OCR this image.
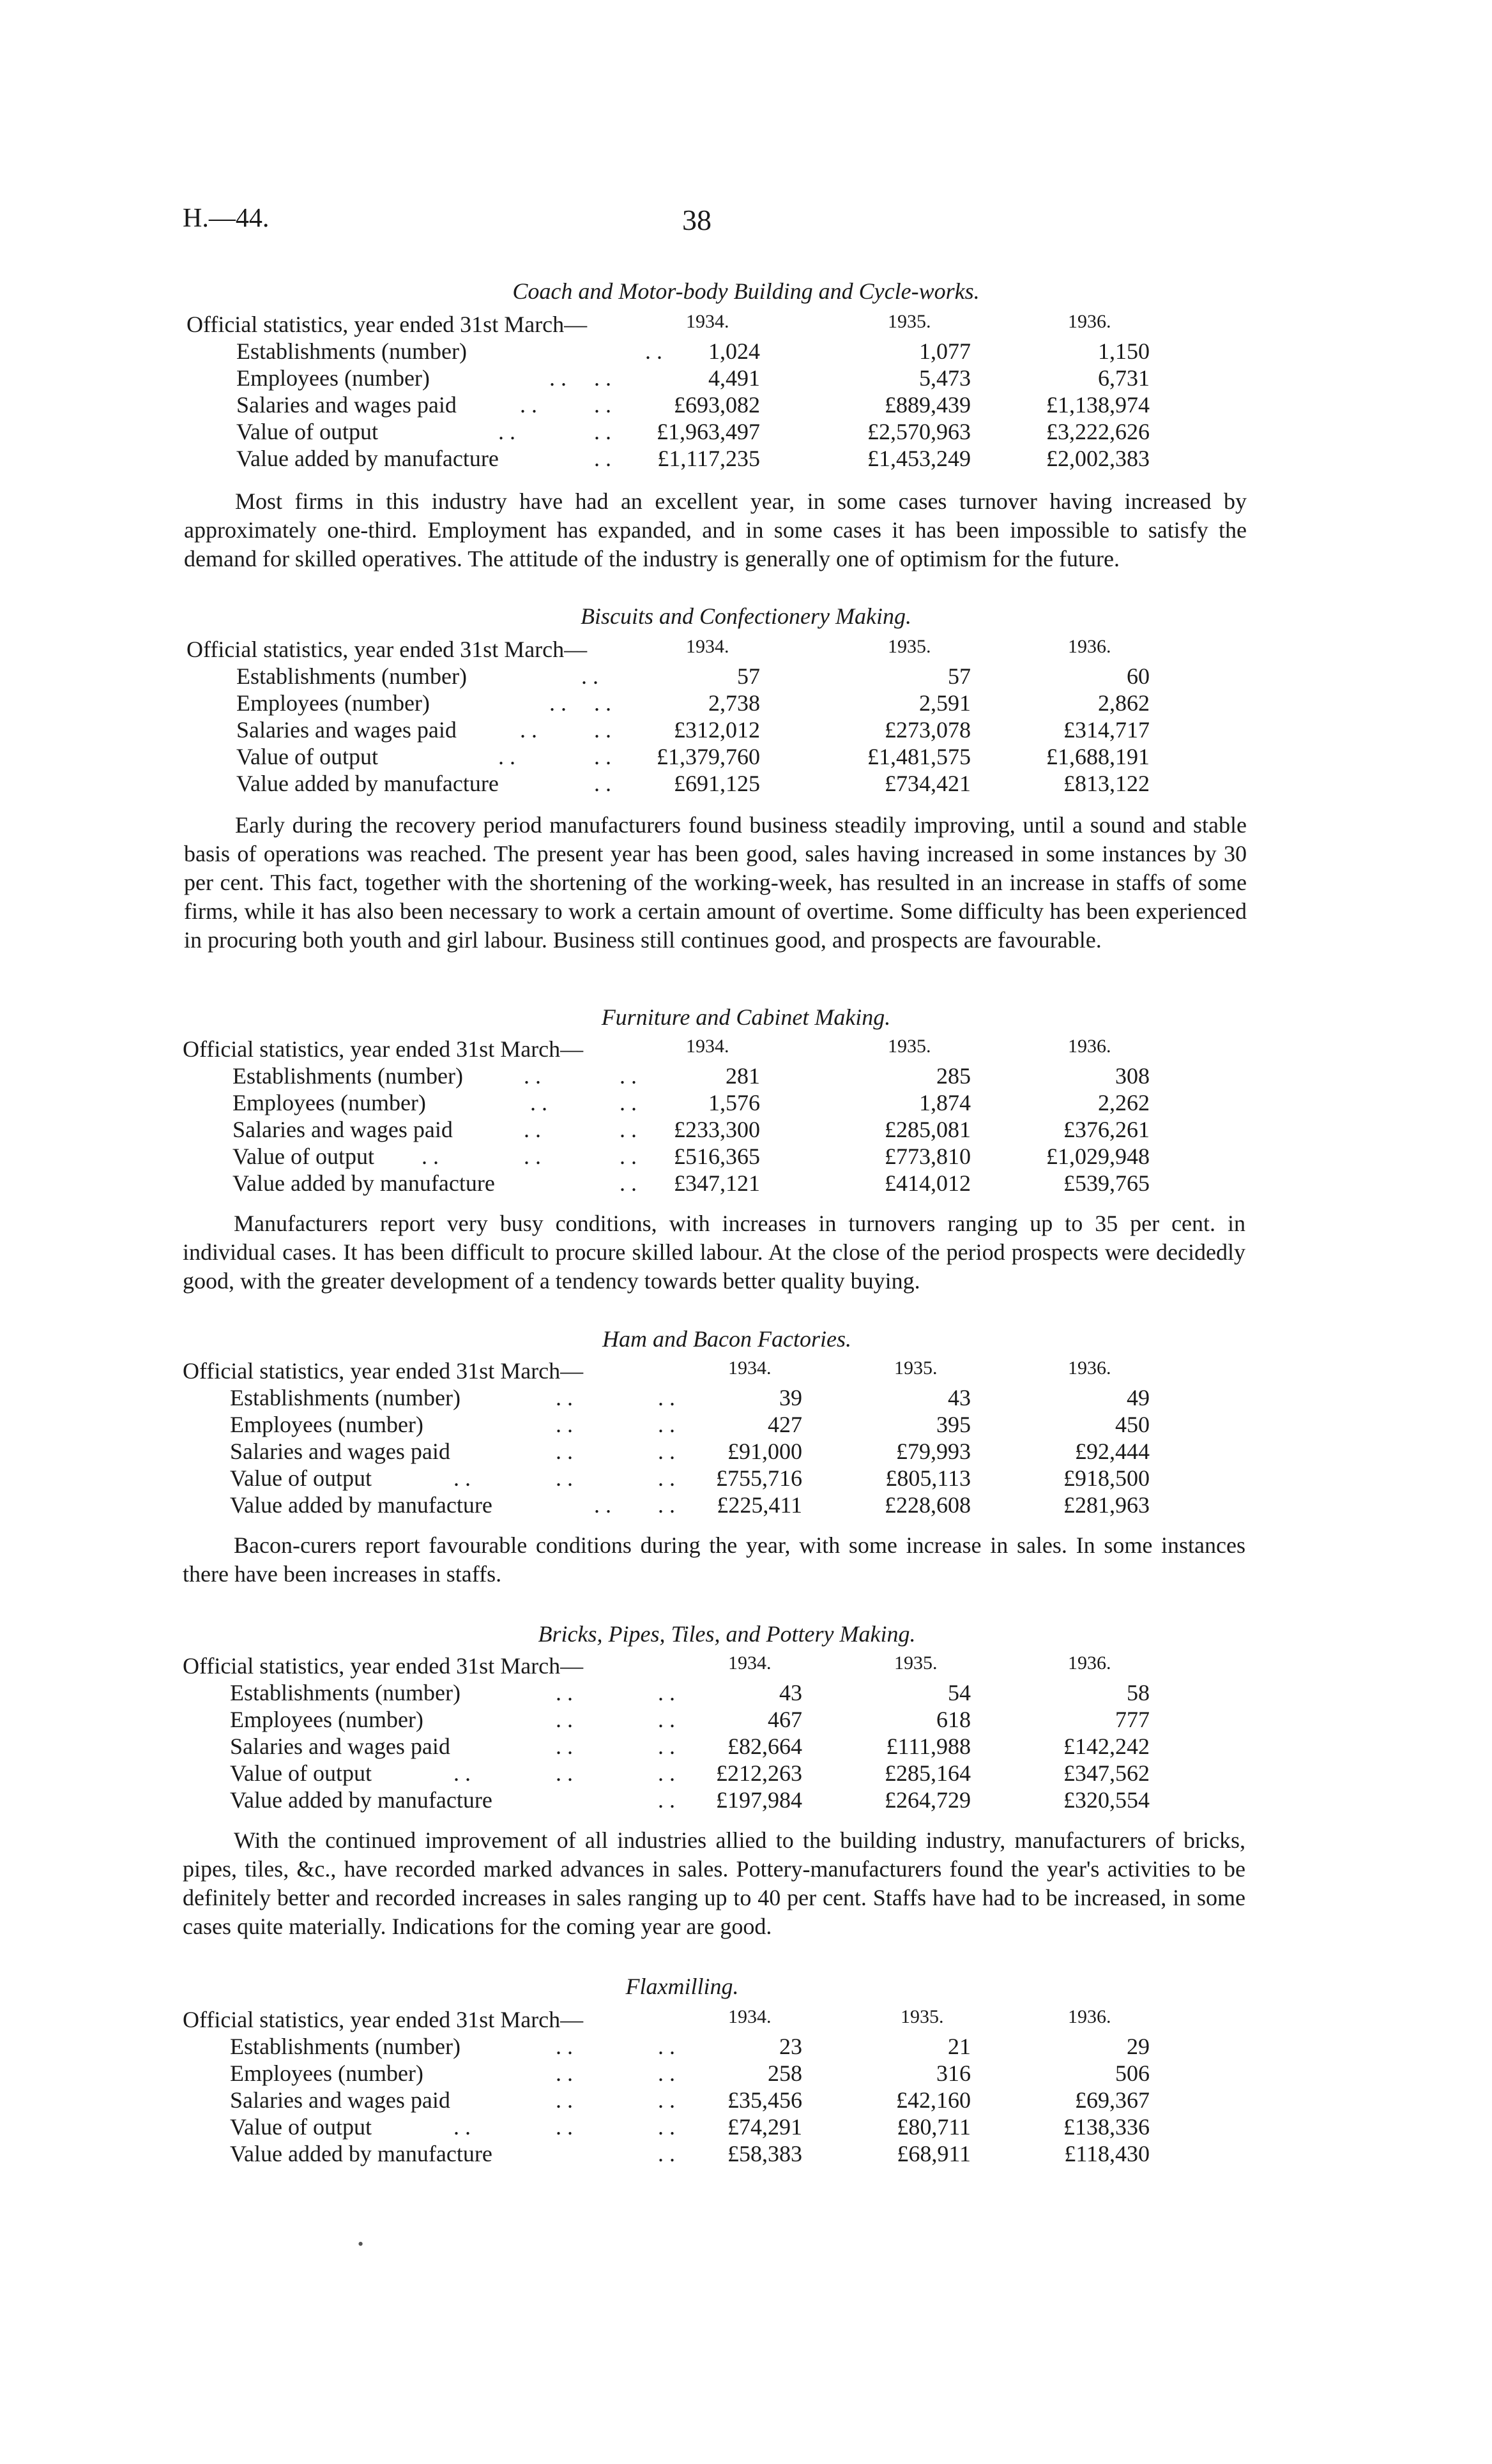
H.—44.	38
Coach and Motor-body Building and Cycle-works.
Official statistics, year ended 31st March—	1934.	1935.	1936.
Establishments (number)	. .	1,024	1,077	1,150
Employees (number)	. . . .	4,491	5,473	6,731
Salaries and wages paid	. . . .	£693,082	£889,439	£1,138,974
Value of output	. .	. .	£1,963,497	£2,570,963	£3,222,626
Value added by manufacture	. .	£1,117,235	£1,453,249	£2,002,383

Most firms in this industry have had an excellent year, in some cases turnover having increased by approximately one-third. Employment has expanded, and in some cases it has been impossible to satisfy the demand for skilled operatives. The attitude of the industry is generally one of optimism for the future.

Biscuits and Confectionery Making.
Official statistics, year ended 31st March—	1934.	1935.	1936.
Establishments (number)	. .	57	57	60
Employees (number)	. . . .	2,738	2,591	2,862
Salaries and wages paid	. . . .	£312,012	£273,078	£314,717
Value of output	. .	. .	£1,379,760	£1,481,575	£1,688,191
Value added by manufacture	. .	£691,125	£734,421	£813,122

Early during the recovery period manufacturers found business steadily improving, until a sound and stable basis of operations was reached. The present year has been good, sales having increased in some instances by 30 per cent. This fact, together with the shortening of the working-week, has resulted in an increase in staffs of some firms, while it has also been necessary to work a certain amount of overtime. Some difficulty has been experienced in procuring both youth and girl labour. Business still continues good, and prospects are favourable.

Furniture and Cabinet Making.
Official statistics, year ended 31st March—	1934.	1935.	1936.
Establishments (number)	. .	. .	281	285	308
Employees (number)	. .	. .	1,576	1,874	2,262
Salaries and wages paid	. .	. .	£233,300	£285,081	£376,261
Value of output . .	. .	. .	£516,365	£773,810	£1,029,948
Value added by manufacture	. .	£347,121	£414,012	£539,765

Manufacturers report very busy conditions, with increases in turnovers ranging up to 35 per cent. in individual cases. It has been difficult to procure skilled labour. At the close of the period prospects were decidedly good, with the greater development of a tendency towards better quality buying.

Ham and Bacon Factories.
Official statistics, year ended 31st March—	1934.	1935.	1936.
Establishments (number)	. .	. .	39	43	49
Employees (number)	. .	. .	427	395	450
Salaries and wages paid	. .	. .	£91,000	£79,993	£92,444
Value of output	. .	. .	. .	£755,716	£805,113	£918,500
Value added by manufacture	. . . .	£225,411	£228,608	£281,963

Bacon-curers report favourable conditions during the year, with some increase in sales. In some instances there have been increases in staffs.

Bricks, Pipes, Tiles, and Pottery Making.
Official statistics, year ended 31st March—	1934.	1935.	1936.
Establishments (number)	. .	. .	43	54	58
Employees (number)	. .	. .	467	618	777
Salaries and wages paid	. .	. .	£82,664	£111,988	£142,242
Value of output	. .	. .	. .	£212,263	£285,164	£347,562
Value added by manufacture	. .	£197,984	£264,729	£320,554

With the continued improvement of all industries allied to the building industry, manufacturers of bricks, pipes, tiles, &c., have recorded marked advances in sales. Pottery-manufacturers found the year's activities to be definitely better and recorded increases in sales ranging up to 40 per cent. Staffs have had to be increased, in some cases quite materially. Indications for the coming year are good.

Flaxmilling.
Official statistics, year ended 31st March—	1934.	1935.	1936.
Establishments (number)	. .	. .	23	21	29
Employees (number)	. .	. .	258	316	506
Salaries and wages paid	. .	. .	£35,456	£42,160	£69,367
Value of output	. .	. .	. .	£74,291	£80,711	£138,336
Value added by manufacture	. .	£58,383	£68,911	£118,430
•
